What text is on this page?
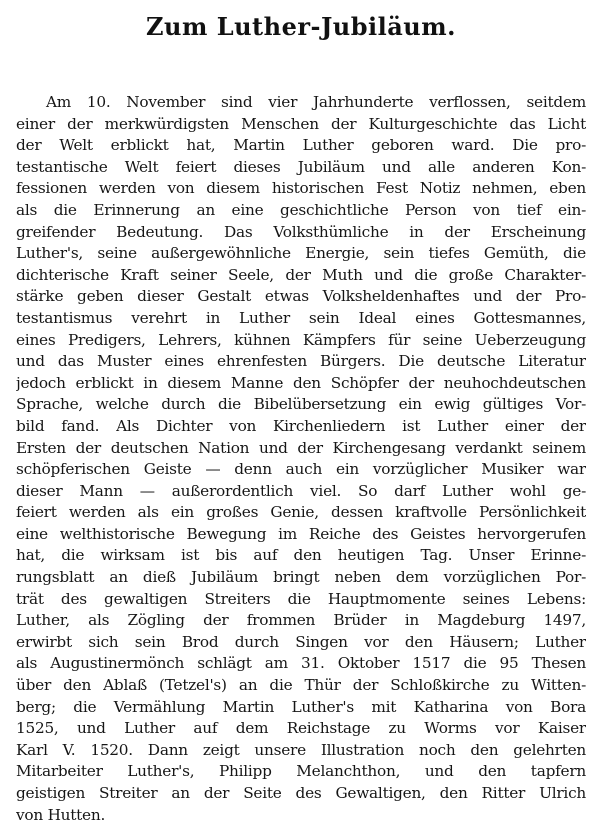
Zum Luther-Jubiläum.
Am 10. November sind vier Jahrhunderte verflossen, seitdem
einer der merkwürdigsten Menschen der Kulturgeschichte das Licht
der Welt erblickt hat, Martin Luther geboren ward. Die pro-
testantische Welt feiert dieses Jubiläum und alle anderen Kon-
fessionen werden von diesem historischen Fest Notiz nehmen, eben
als die Erinnerung an eine geschichtliche Person von tief ein-
greifender Bedeutung. Das Volksthümliche in der Erscheinung
Luther's, seine außergewöhnliche Energie, sein tiefes Gemüth, die
dichterische Kraft seiner Seele, der Muth und die große Charakter-
stärke geben dieser Gestalt etwas Volksheldenhaftes und der Pro-
testantismus verehrt in Luther sein Ideal eines Gottesmannes,
eines Predigers, Lehrers, kühnen Kämpfers für seine Ueberzeugung
und das Muster eines ehrenfesten Bürgers. Die deutsche Literatur
jedoch erblickt in diesem Manne den Schöpfer der neuhochdeutschen
Sprache, welche durch die Bibelübersetzung ein ewig gültiges Vor-
bild fand. Als Dichter von Kirchenliedern ist Luther einer der
Ersten der deutschen Nation und der Kirchengesang verdankt seinem
schöpferischen Geiste — denn auch ein vorzüglicher Musiker war
dieser Mann — außerordentlich viel. So darf Luther wohl ge-
feiert werden als ein großes Genie, dessen kraftvolle Persönlichkeit
eine welthistorische Bewegung im Reiche des Geistes hervorgerufen
hat, die wirksam ist bis auf den heutigen Tag. Unser Erinne-
rungsblatt an dieß Jubiläum bringt neben dem vorzüglichen Por-
trät des gewaltigen Streiters die Hauptmomente seines Lebens:
Luther, als Zögling der frommen Brüder in Magdeburg 1497,
erwirbt sich sein Brod durch Singen vor den Häusern; Luther
als Augustinermönch schlägt am 31. Oktober 1517 die 95 Thesen
über den Ablaß (Tetzel's) an die Thür der Schloßkirche zu Witten-
berg; die Vermählung Martin Luther's mit Katharina von Bora
1525, und Luther auf dem Reichstage zu Worms vor Kaiser
Karl V. 1520. Dann zeigt unsere Illustration noch den gelehrten
Mitarbeiter Luther's, Philipp Melanchthon, und den tapfern
geistigen Streiter an der Seite des Gewaltigen, den Ritter Ulrich
von Hutten.
